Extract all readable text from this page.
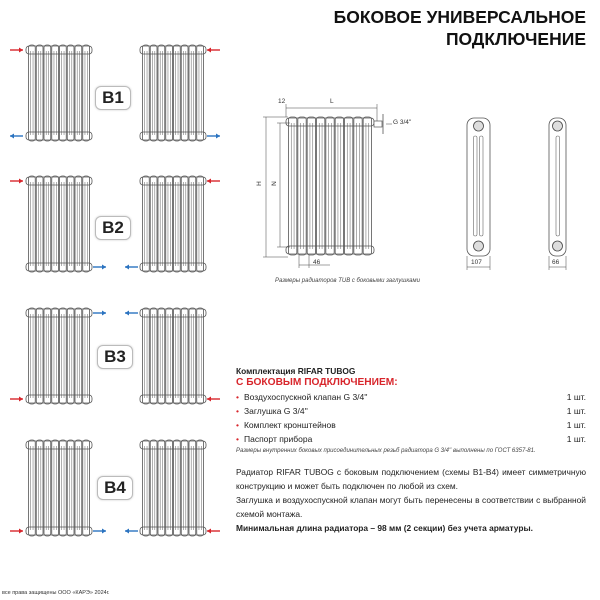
БОКОВОЕ УНИВЕРСАЛЬНОЕ
ПОДКЛЮЧЕНИЕ
B1
B2
B3
B4
12	L
G 3/4''
H N
46	107	66
Размеры радиаторов TUB с боковыми заглушками
Комплектация RIFAR TUBOG
С БОКОВЫМ ПОДКЛЮЧЕНИЕМ:
• Воздухоспускной клапан G 3/4''	1 шт.
• Заглушка G 3/4''	1 шт.
• Комплект кронштейнов	1 шт.
• Паспорт прибора	1 шт.
Размеры внутренних боковых присоединительных резьб радиатора G 3/4'' выполнены по ГОСТ 6357-81.

Радиатор RIFAR TUBOG с боковым подключением (схемы В1-В4) имеет симметричную конструкцию и может быть подключен по любой из схем.

Заглушка и воздухоспускной клапан могут быть перенесены в соответствии с выбранной схемой монтажа.

Минимальная длина радиатора – 98 мм (2 секции) без учета арматуры.

все права защищены ООО «КАРЭ» 2024г.
